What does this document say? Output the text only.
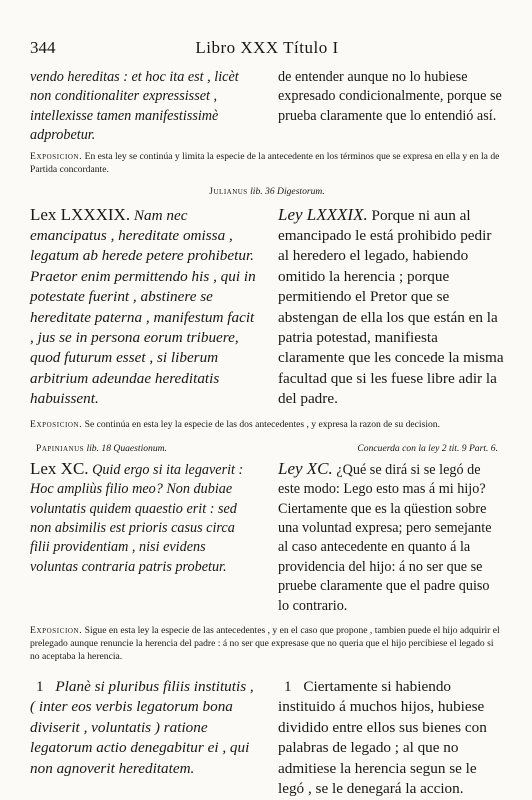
344	Libro XXX Título I

vendo hereditas : et hoc ita est , licèt non conditionaliter expressisset , intellexisse tamen manifestissimè adprobetur.

de entender aunque no lo hubiese expresado condicionalmente, porque se prueba claramente que lo entendió así.

Exposicion. En esta ley se continúa y limita la especie de la antecedente en los términos que se expresa en ella y en la de Partida concordante.

Julianus lib. 36 Digestorum.

Lex LXXXIX. Nam nec emancipatus , hereditate omissa , legatum ab herede petere prohibetur. Praetor enim permittendo his , qui in potestate fuerint , abstinere se hereditate paterna , manifestum facit , jus se in persona eorum tribuere, quod futurum esset , si liberum arbitrium adeundae hereditatis habuissent.

Ley LXXXIX. Porque ni aun al emancipado le está prohibido pedir al heredero el legado, habiendo omitido la herencia ; porque permitiendo el Pretor que se abstengan de ella los que están en la patria potestad, manifiesta claramente que les concede la misma facultad que si les fuese libre adir la del padre.

Exposicion. Se continúa en esta ley la especie de las dos antecedentes , y expresa la razon de su decision.

Papinianus lib. 18 Quaestionum.	Concuerda con la ley 2 tit. 9 Part. 6.

Lex XC. Quid ergo si ita legaverit : Hoc ampliùs filio meo? Non dubiae voluntatis quidem quaestio erit : sed non absimilis est prioris casus circa filii providentiam , nisi evidens voluntas contraria patris probetur.

Ley XC. ¿Qué se dirá si se legó de este modo: Lego esto mas á mi hijo? Ciertamente que es la qüestion sobre una voluntad expresa; pero semejante al caso antecedente en quanto á la providencia del hijo: á no ser que se pruebe claramente que el padre quiso lo contrario.

Exposicion. Sigue en esta ley la especie de las antecedentes , y en el caso que propone , tambien puede el hijo adquirir el prelegado aunque renuncie la herencia del padre : á no ser que expresase que no queria que el hijo percibiese el legado si no aceptaba la herencia.

1 Planè si pluribus filiis institutis , ( inter eos verbis legatorum bona diviserit , voluntatis ) ratione legatorum actio denegabitur ei , qui non agnoverit hereditatem.

1 Ciertamente si habiendo instituido á muchos hijos, hubiese dividido entre ellos sus bienes con palabras de legado ; al que no admitiese la herencia segun se le legó , se le denegará la accion.
